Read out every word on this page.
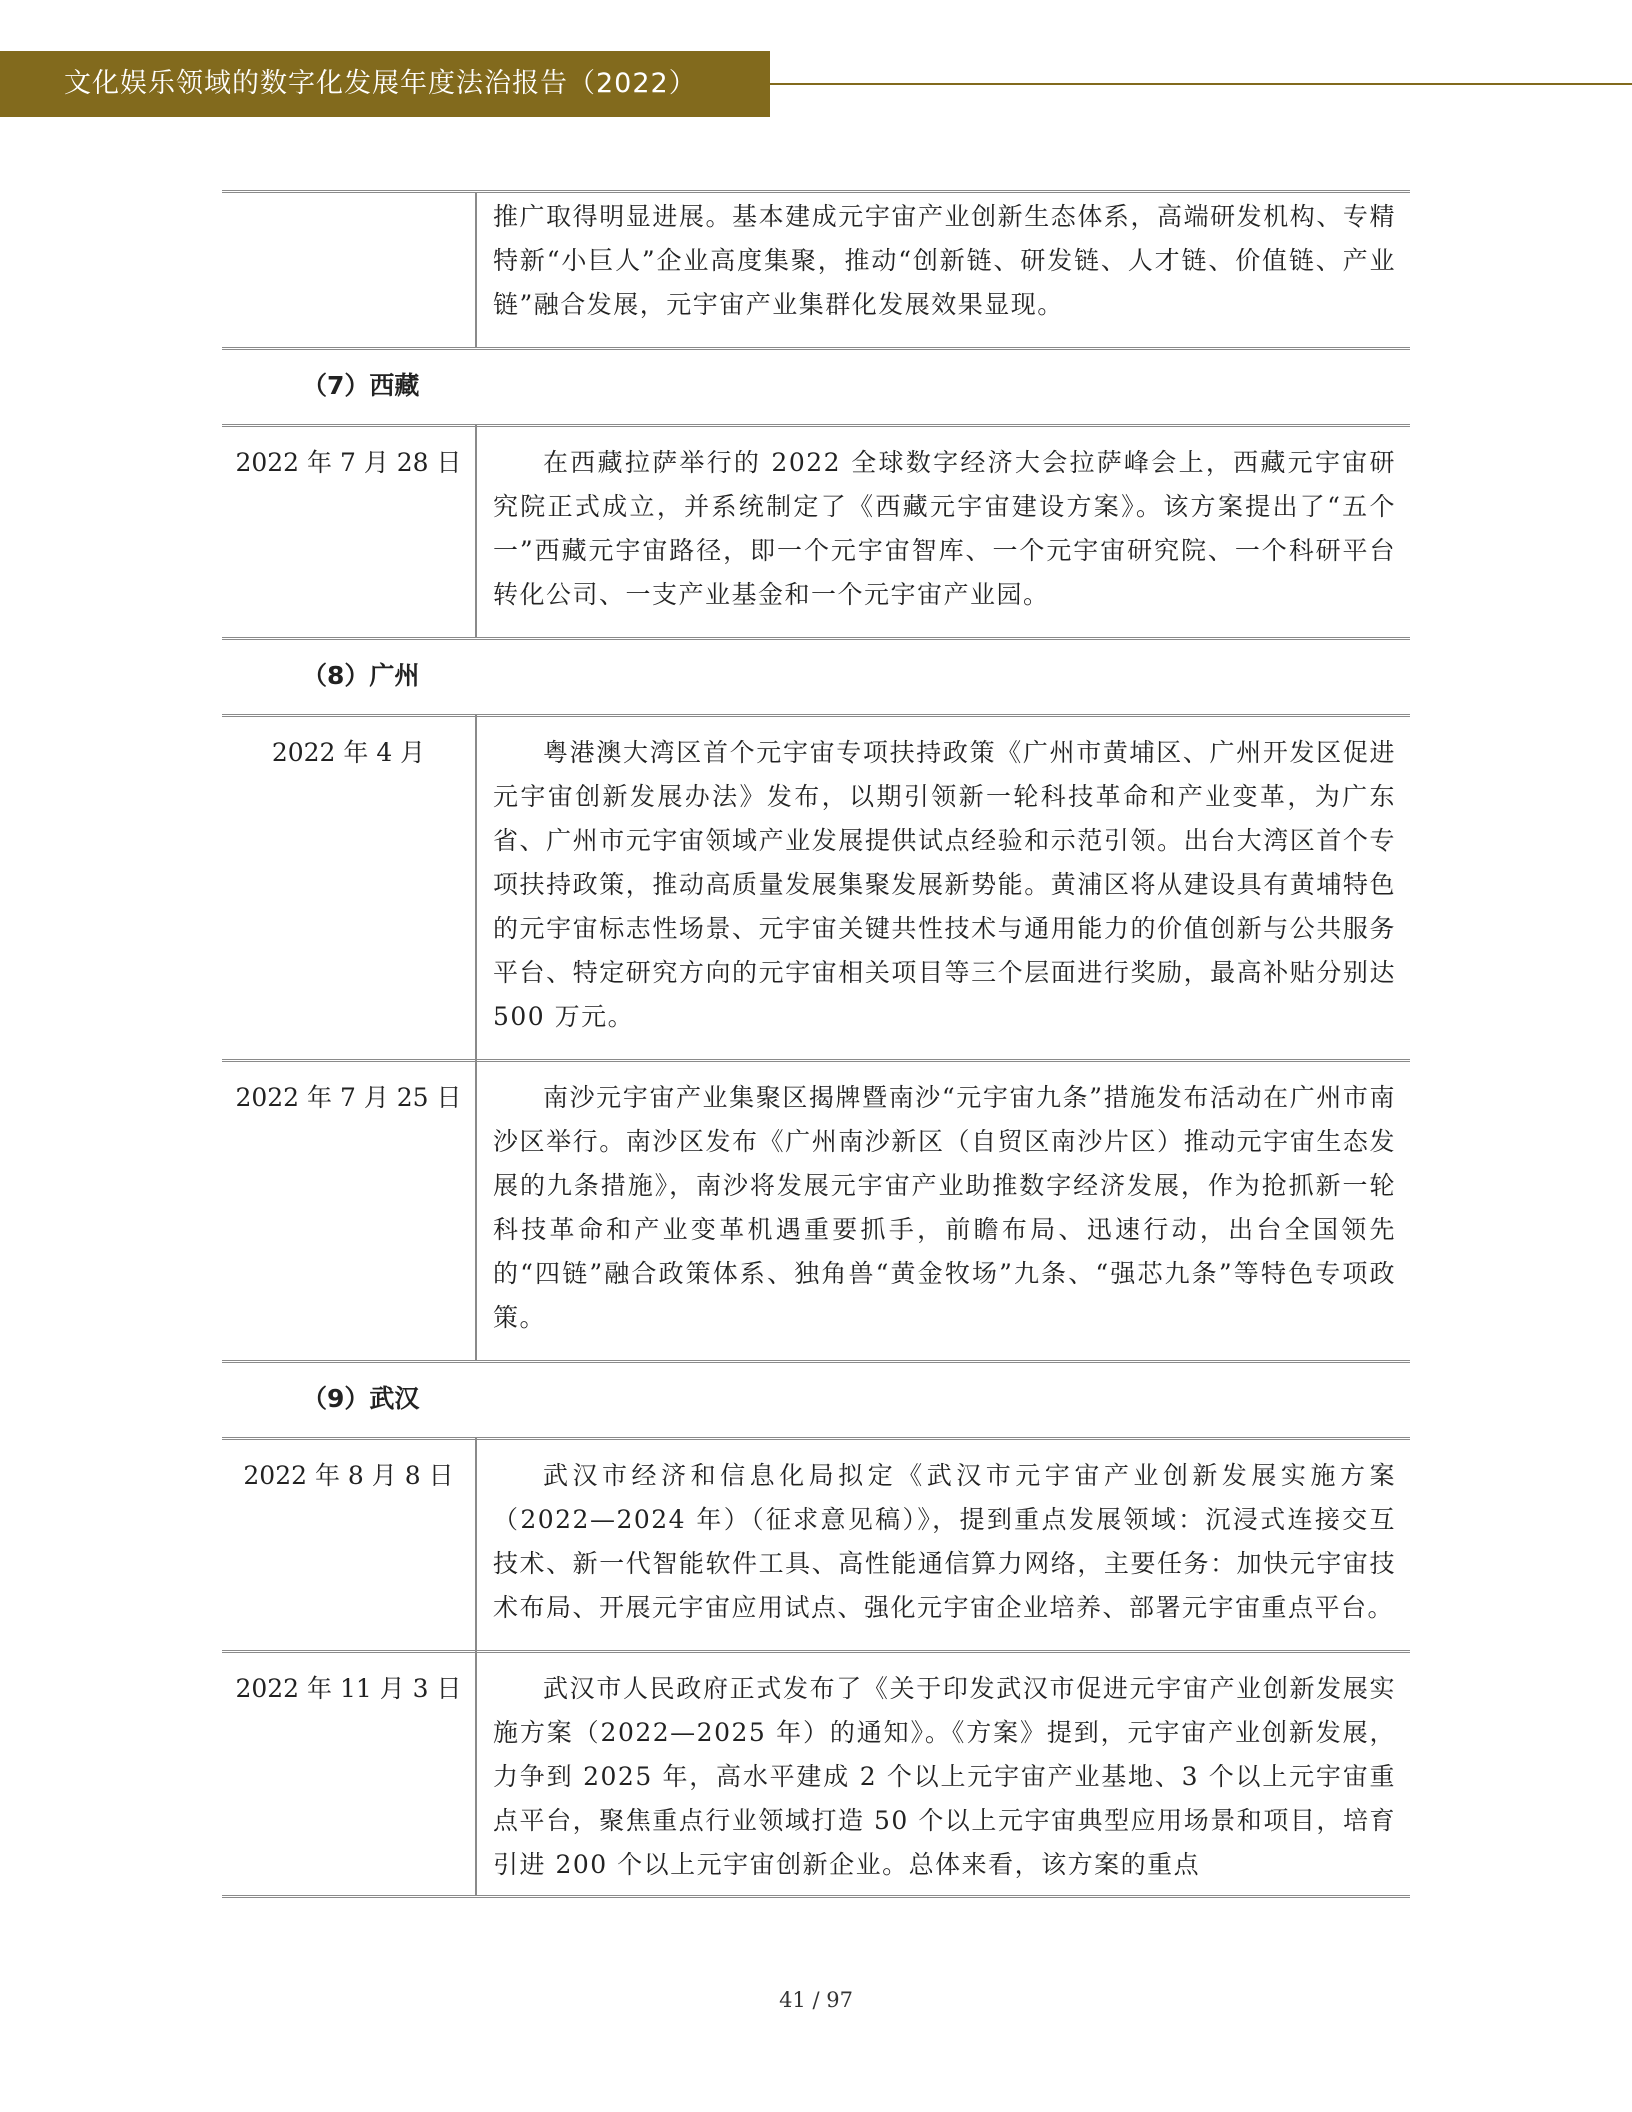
文化娱乐领域的数字化发展年度法治报告（2022）
推广取得明显进展。基本建成元宇宙产业创新生态体系，高端研发机构、专精特新“小巨人”企业高度集聚，推动“创新链、研发链、人才链、价值链、产业链”融合发展，元宇宙产业集群化发展效果显现。
（7）西藏
2022 年 7 月 28 日	在西藏拉萨举行的 2022 全球数字经济大会拉萨峰会上，西藏元宇宙研究院正式成立，并系统制定了《西藏元宇宙建设方案》。该方案提出了“五个一”西藏元宇宙路径，即一个元宇宙智库、一个元宇宙研究院、一个科研平台转化公司、一支产业基金和一个元宇宙产业园。
（8）广州
2022 年 4 月	粤港澳大湾区首个元宇宙专项扶持政策《广州市黄埔区、广州开发区促进元宇宙创新发展办法》发布，以期引领新一轮科技革命和产业变革，为广东省、广州市元宇宙领域产业发展提供试点经验和示范引领。出台大湾区首个专项扶持政策，推动高质量发展集聚发展新势能。黄浦区将从建设具有黄埔特色的元宇宙标志性场景、元宇宙关键共性技术与通用能力的价值创新与公共服务平台、特定研究方向的元宇宙相关项目等三个层面进行奖励，最高补贴分别达 500 万元。
2022 年 7 月 25 日	南沙元宇宙产业集聚区揭牌暨南沙“元宇宙九条”措施发布活动在广州市南沙区举行。南沙区发布《广州南沙新区（自贸区南沙片区）推动元宇宙生态发展的九条措施》，南沙将发展元宇宙产业助推数字经济发展，作为抢抓新一轮科技革命和产业变革机遇重要抓手，前瞻布局、迅速行动，出台全国领先的“四链”融合政策体系、独角兽“黄金牧场”九条、“强芯九条”等特色专项政策。
（9）武汉
2022 年 8 月 8 日	武汉市经济和信息化局拟定《武汉市元宇宙产业创新发展实施方案（2022—2024 年）（征求意见稿）》，提到重点发展领域：沉浸式连接交互技术、新一代智能软件工具、高性能通信算力网络，主要任务：加快元宇宙技术布局、开展元宇宙应用试点、强化元宇宙企业培养、部署元宇宙重点平台。
2022 年 11 月 3 日	武汉市人民政府正式发布了《关于印发武汉市促进元宇宙产业创新发展实施方案（2022—2025 年）的通知》。《方案》提到，元宇宙产业创新发展，力争到 2025 年，高水平建成 2 个以上元宇宙产业基地、3 个以上元宇宙重点平台，聚焦重点行业领域打造 50 个以上元宇宙典型应用场景和项目，培育引进 200 个以上元宇宙创新企业。总体来看，该方案的重点
41 / 97
